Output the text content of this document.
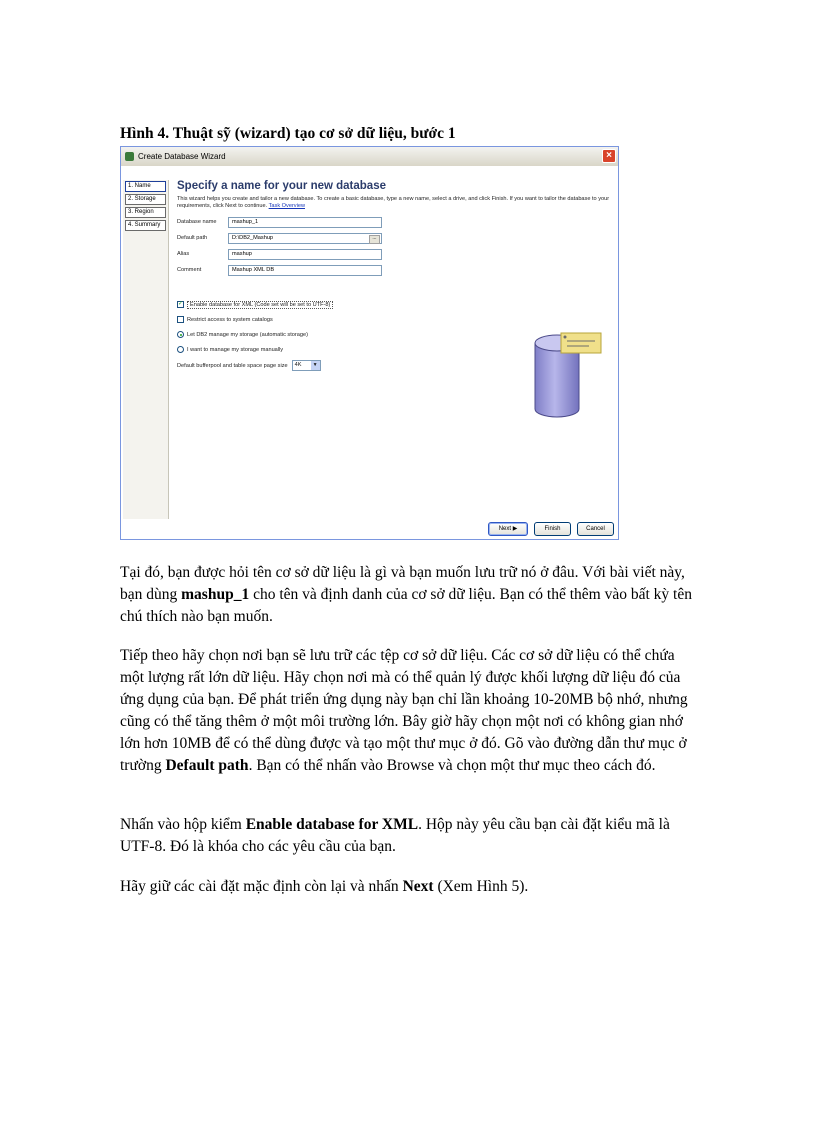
Hình 4. Thuật sỹ (wizard) tạo cơ sở dữ liệu, bước 1
Create Database Wizard	×
1. Name
2. Storage
3. Region
4. Summary
Specify a name for your new database
This wizard helps you create and tailor a new database. To create a basic database, type a new name, select a drive, and click Finish. If you want to tailor the database to your requirements, click Next to continue. Task Overview
Database name	mashup_1
Default path	D:\DB2_Mashup	...
Alias	mashup
Comment	Mashup XML DB
✓	Enable database for XML (Code set will be set to UTF-8)
Restrict access to system catalogs
Let DB2 manage my storage (automatic storage)
I want to manage my storage manually
Default bufferpool and table space page size	4K	▼
Next ▶	Finish	Cancel

Tại đó, bạn được hỏi tên cơ sở dữ liệu là gì và bạn muốn lưu trữ nó ở đâu. Với bài viết này, bạn dùng mashup_1 cho tên và định danh của cơ sở dữ liệu. Bạn có thể thêm vào bất kỳ tên chú thích nào bạn muốn.

Tiếp theo hãy chọn nơi bạn sẽ lưu trữ các tệp cơ sở dữ liệu. Các cơ sở dữ liệu có thể chứa một lượng rất lớn dữ liệu. Hãy chọn nơi mà có thể quản lý được khối lượng dữ liệu đó của ứng dụng của bạn. Để phát triển ứng dụng này bạn chỉ lần khoảng 10-20MB bộ nhớ, nhưng cũng có thể tăng thêm ở một môi trường lớn. Bây giờ hãy chọn một nơi có không gian nhớ lớn hơn 10MB để có thể dùng được và tạo một thư mục ở đó. Gõ vào đường dẫn thư mục ở trường Default path. Bạn có thể nhấn vào Browse và chọn một thư mục theo cách đó.

Nhấn vào hộp kiểm Enable database for XML. Hộp này yêu cầu bạn cài đặt kiểu mã là UTF-8. Đó là khóa cho các yêu cầu của bạn.

Hãy giữ các cài đặt mặc định còn lại và nhấn Next (Xem Hình 5).
